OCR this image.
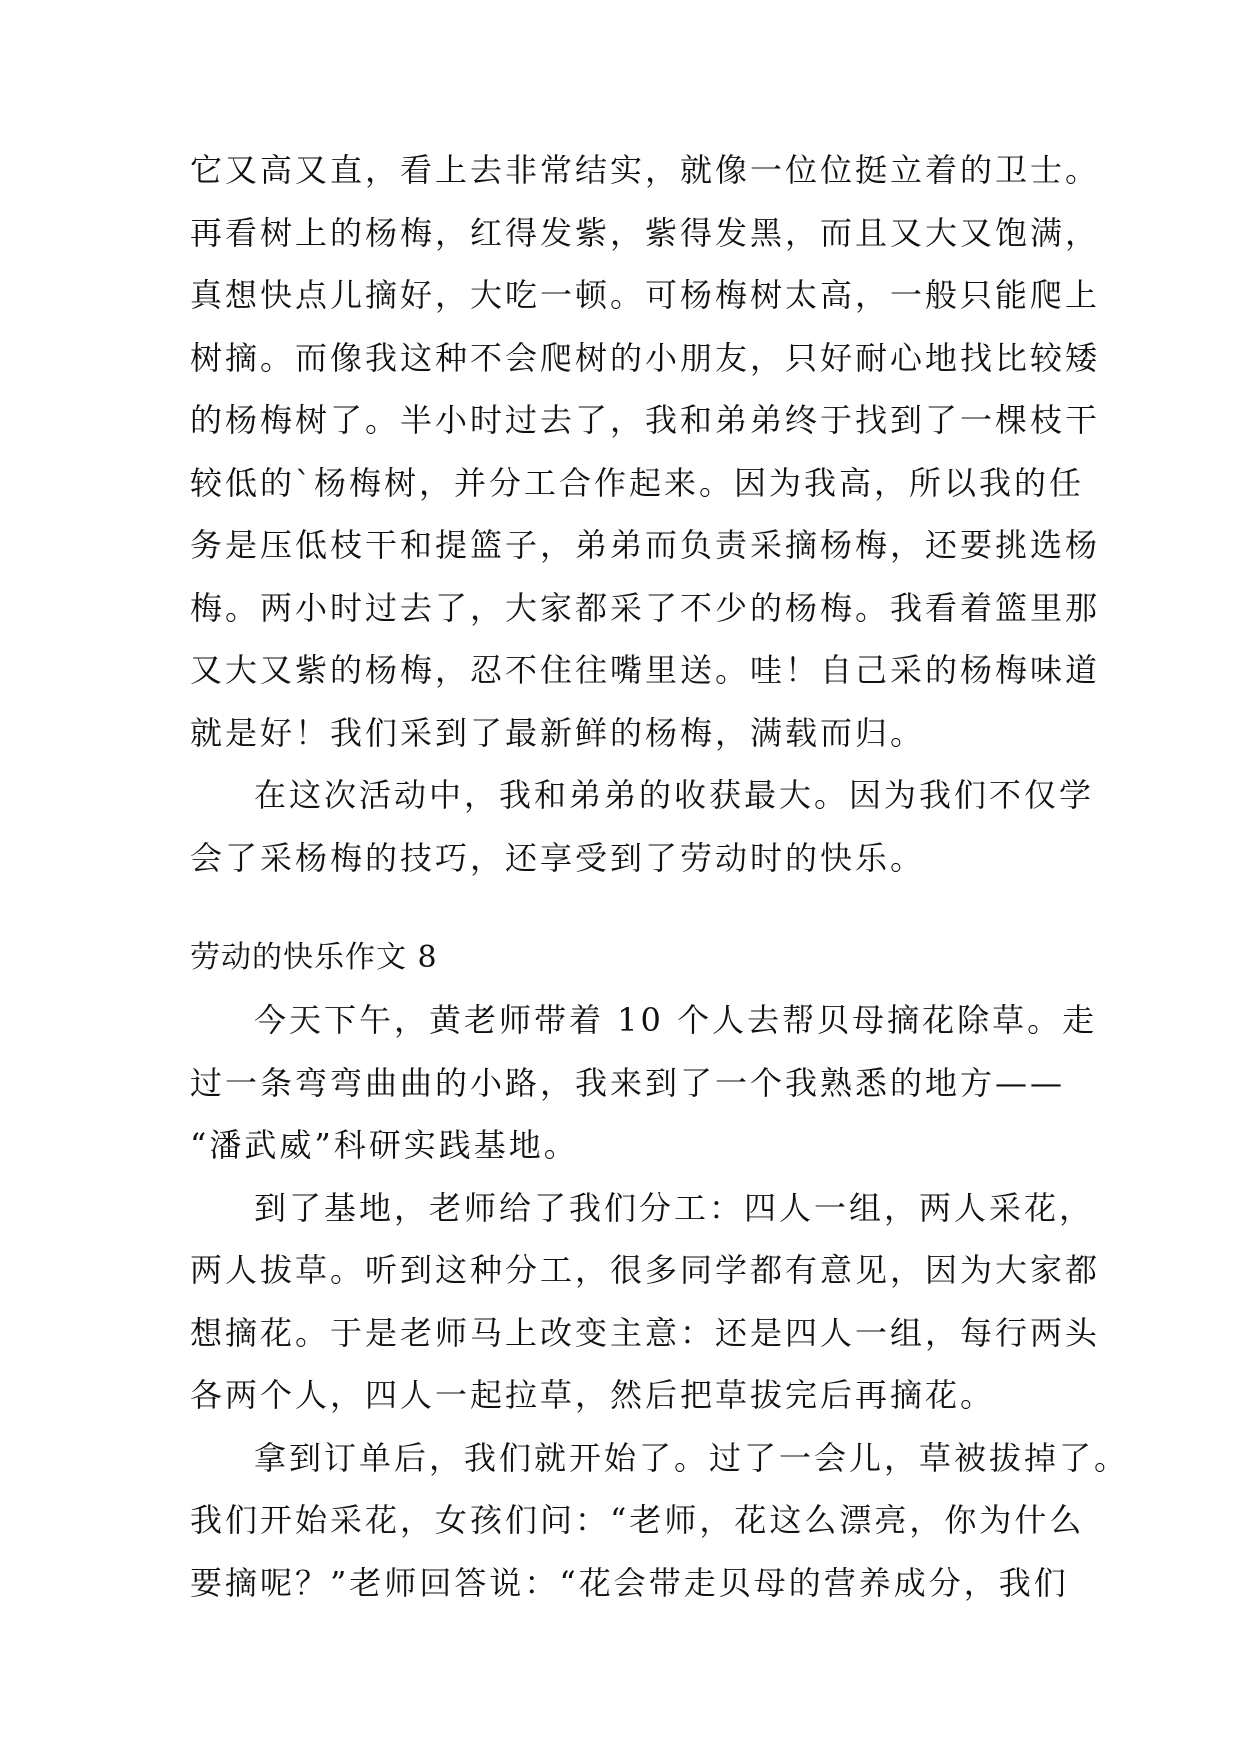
它又高又直，看上去非常结实，就像一位位挺立着的卫士。
再看树上的杨梅，红得发紫，紫得发黑，而且又大又饱满，
真想快点儿摘好，大吃一顿。可杨梅树太高，一般只能爬上
树摘。而像我这种不会爬树的小朋友，只好耐心地找比较矮
的杨梅树了。半小时过去了，我和弟弟终于找到了一棵枝干
较低的`杨梅树，并分工合作起来。因为我高，所以我的任
务是压低枝干和提篮子，弟弟而负责采摘杨梅，还要挑选杨
梅。两小时过去了，大家都采了不少的杨梅。我看着篮里那
又大又紫的杨梅，忍不住往嘴里送。哇！自己采的杨梅味道
就是好！我们采到了最新鲜的杨梅，满载而归。
在这次活动中，我和弟弟的收获最大。因为我们不仅学
会了采杨梅的技巧，还享受到了劳动时的快乐。
劳动的快乐作文 8
今天下午，黄老师带着 10 个人去帮贝母摘花除草。走
过一条弯弯曲曲的小路，我来到了一个我熟悉的地方——
“潘武威”科研实践基地。
到了基地，老师给了我们分工：四人一组，两人采花，
两人拔草。听到这种分工，很多同学都有意见，因为大家都
想摘花。于是老师马上改变主意：还是四人一组，每行两头
各两个人，四人一起拉草，然后把草拔完后再摘花。
拿到订单后，我们就开始了。过了一会儿，草被拔掉了。
我们开始采花，女孩们问：“老师，花这么漂亮，你为什么
要摘呢？”老师回答说：“花会带走贝母的营养成分，我们
